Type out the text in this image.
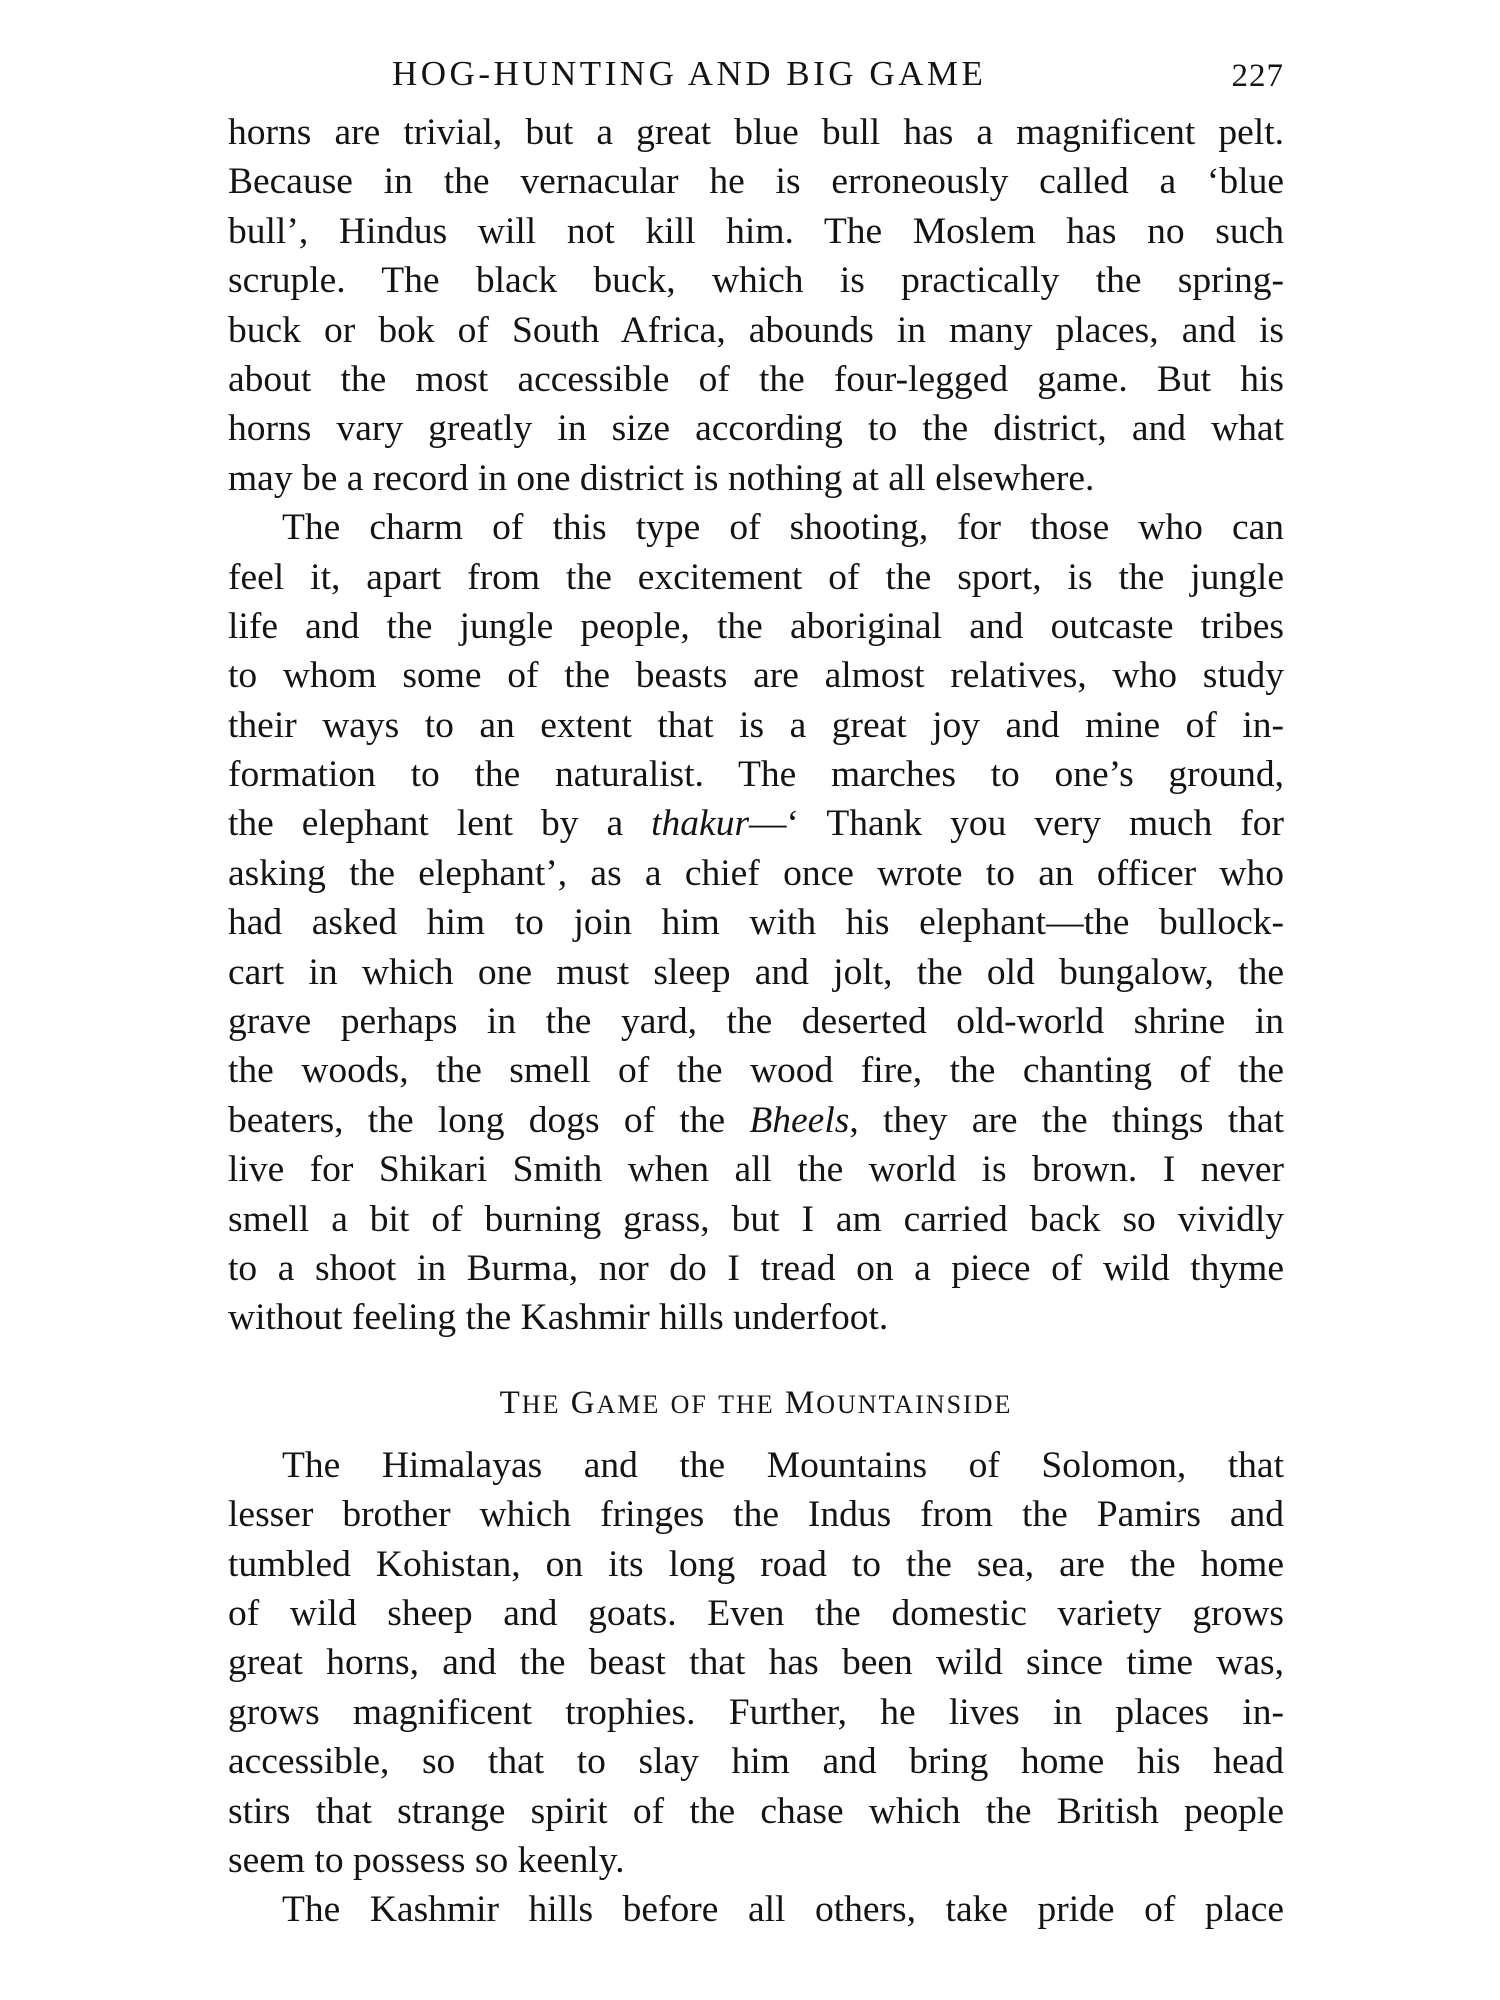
HOG-HUNTING AND BIG GAME	227

horns are trivial, but a great blue bull has a magnificent pelt.
Because in the vernacular he is erroneously called a ‘blue
bull’, Hindus will not kill him. The Moslem has no such
scruple. The black buck, which is practically the spring-
buck or bok of South Africa, abounds in many places, and is
about the most accessible of the four-legged game. But his
horns vary greatly in size according to the district, and what
may be a record in one district is nothing at all elsewhere.

The charm of this type of shooting, for those who can
feel it, apart from the excitement of the sport, is the jungle
life and the jungle people, the aboriginal and outcaste tribes
to whom some of the beasts are almost relatives, who study
their ways to an extent that is a great joy and mine of in-
formation to the naturalist. The marches to one’s ground,
the elephant lent by a thakur—‘ Thank you very much for
asking the elephant’, as a chief once wrote to an officer who
had asked him to join him with his elephant—the bullock-
cart in which one must sleep and jolt, the old bungalow, the
grave perhaps in the yard, the deserted old-world shrine in
the woods, the smell of the wood fire, the chanting of the
beaters, the long dogs of the Bheels, they are the things that
live for Shikari Smith when all the world is brown. I never
smell a bit of burning grass, but I am carried back so vividly
to a shoot in Burma, nor do I tread on a piece of wild thyme
without feeling the Kashmir hills underfoot.

THE GAME OF THE MOUNTAINSIDE

The Himalayas and the Mountains of Solomon, that
lesser brother which fringes the Indus from the Pamirs and
tumbled Kohistan, on its long road to the sea, are the home
of wild sheep and goats. Even the domestic variety grows
great horns, and the beast that has been wild since time was,
grows magnificent trophies. Further, he lives in places in-
accessible, so that to slay him and bring home his head
stirs that strange spirit of the chase which the British people
seem to possess so keenly.

The Kashmir hills before all others, take pride of place
